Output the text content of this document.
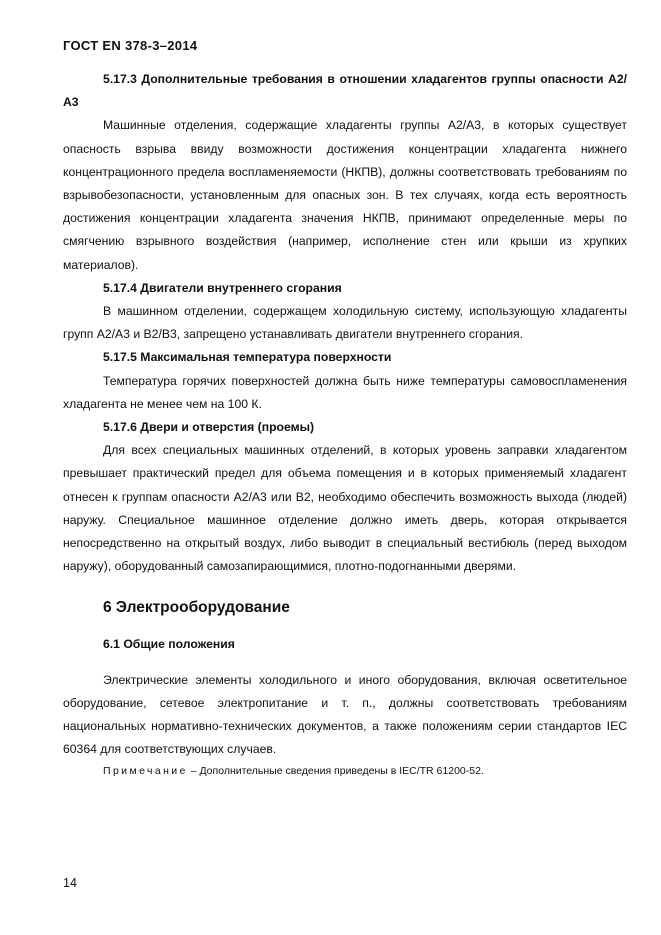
ГОСТ EN 378-3–2014

5.17.3 Дополнительные требования в отношении хладагентов группы опасности А2/А3

Машинные отделения, содержащие хладагенты группы А2/А3, в которых существует опасность взрыва ввиду возможности достижения концентрации хладагента нижнего концентрационного предела воспламеняемости (НКПВ), должны соответствовать требованиям по взрывобезопасности, установленным для опасных зон. В тех случаях, когда есть вероятность достижения концентрации хладагента значения НКПВ, принимают определенные меры по смягчению взрывного воздействия (например, исполнение стен или крыши из хрупких материалов).

5.17.4 Двигатели внутреннего сгорания

В машинном отделении, содержащем холодильную систему, использующую хладагенты групп А2/А3 и В2/В3, запрещено устанавливать двигатели внутреннего сгорания.

5.17.5 Максимальная температура поверхности

Температура горячих поверхностей должна быть ниже температуры самовоспламенения хладагента не менее чем на 100 К.

5.17.6 Двери и отверстия (проемы)

Для всех специальных машинных отделений, в которых уровень заправки хладагентом превышает практический предел для объема помещения и в которых применяемый хладагент отнесен к группам опасности А2/А3 или В2, необходимо обеспечить возможность выхода (людей) наружу. Специальное машинное отделение должно иметь дверь, которая открывается непосредственно на открытый воздух, либо выводит в специальный вестибюль (перед выходом наружу), оборудованный самозапирающимися, плотно-подогнанными дверями.

6 Электрооборудование
6.1 Общие положения

Электрические элементы холодильного и иного оборудования, включая осветительное оборудование, сетевое электропитание и т. п., должны соответствовать требованиям национальных нормативно-технических документов, а также положениям серии стандартов IEC 60364 для соответствующих случаев.

Примечание – Дополнительные сведения приведены в IEC/TR 61200-52.

14
